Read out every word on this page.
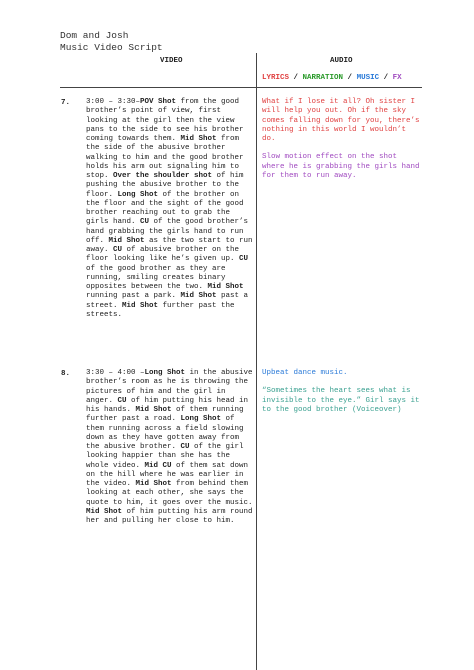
Dom and Josh
Music Video Script
VIDEO	AUDIO
LYRICS / NARRATION / MUSIC / FX
7. 3:00 – 3:30–POV Shot from the good brother’s point of view, first looking at the girl then the view pans to the side to see his brother coming towards them. Mid Shot from the side of the abusive brother walking to him and the good brother holds his arm out signaling him to stop. Over the shoulder shot of him pushing the abusive brother to the floor. Long Shot of the brother on the floor and the sight of the good brother reaching out to grab the girls hand. CU of the good brother’s hand grabbing the girls hand to run off. Mid Shot as the two start to run away. CU of abusive brother on the floor looking like he’s given up. CU of the good brother as they are running, smiling creates binary opposites between the two. Mid Shot running past a park. Mid Shot past a street. Mid Shot further past the streets.

What if I lose it all? Oh sister I will help you out. Oh if the sky comes falling down for you, there’s nothing in this world I wouldn’t do.

Slow motion effect on the shot where he is grabbing the girls hand for them to run away.

8. 3:30 – 4:00 –Long Shot in the abusive brother’s room as he is throwing the pictures of him and the girl in anger. CU of him putting his head in his hands. Mid Shot of them running further past a road. Long Shot of them running across a field slowing down as they have gotten away from the abusive brother. CU of the girl looking happier than she has the whole video. Mid CU of them sat down on the hill where he was earlier in the video. Mid Shot from behind them looking at each other, she says the quote to him, it goes over the music. Mid Shot of him putting his arm round her and pulling her close to him.

Upbeat dance music.

“Sometimes the heart sees what is invisible to the eye.” Girl says it to the good brother (Voiceover)
